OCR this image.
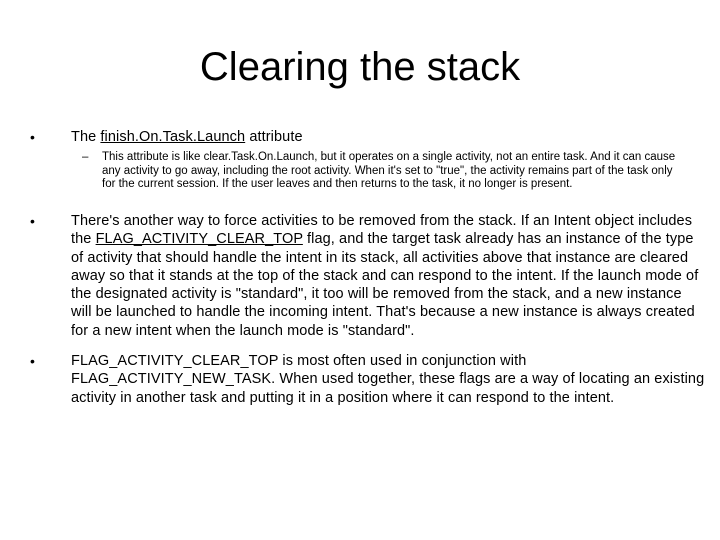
Clearing the stack
• The finish.On.Task.Launch attribute
– This attribute is like clear.Task.On.Launch, but it operates on a single activity, not an entire task. And it can cause any activity to go away, including the root activity. When it's set to "true", the activity remains part of the task only for the current session. If the user leaves and then returns to the task, it no longer is present.
• There's another way to force activities to be removed from the stack. If an Intent object includes the FLAG_ACTIVITY_CLEAR_TOP flag, and the target task already has an instance of the type of activity that should handle the intent in its stack, all activities above that instance are cleared away so that it stands at the top of the stack and can respond to the intent. If the launch mode of the designated activity is "standard", it too will be removed from the stack, and a new instance will be launched to handle the incoming intent. That's because a new instance is always created for a new intent when the launch mode is "standard".
• FLAG_ACTIVITY_CLEAR_TOP is most often used in conjunction with FLAG_ACTIVITY_NEW_TASK. When used together, these flags are a way of locating an existing activity in another task and putting it in a position where it can respond to the intent.
